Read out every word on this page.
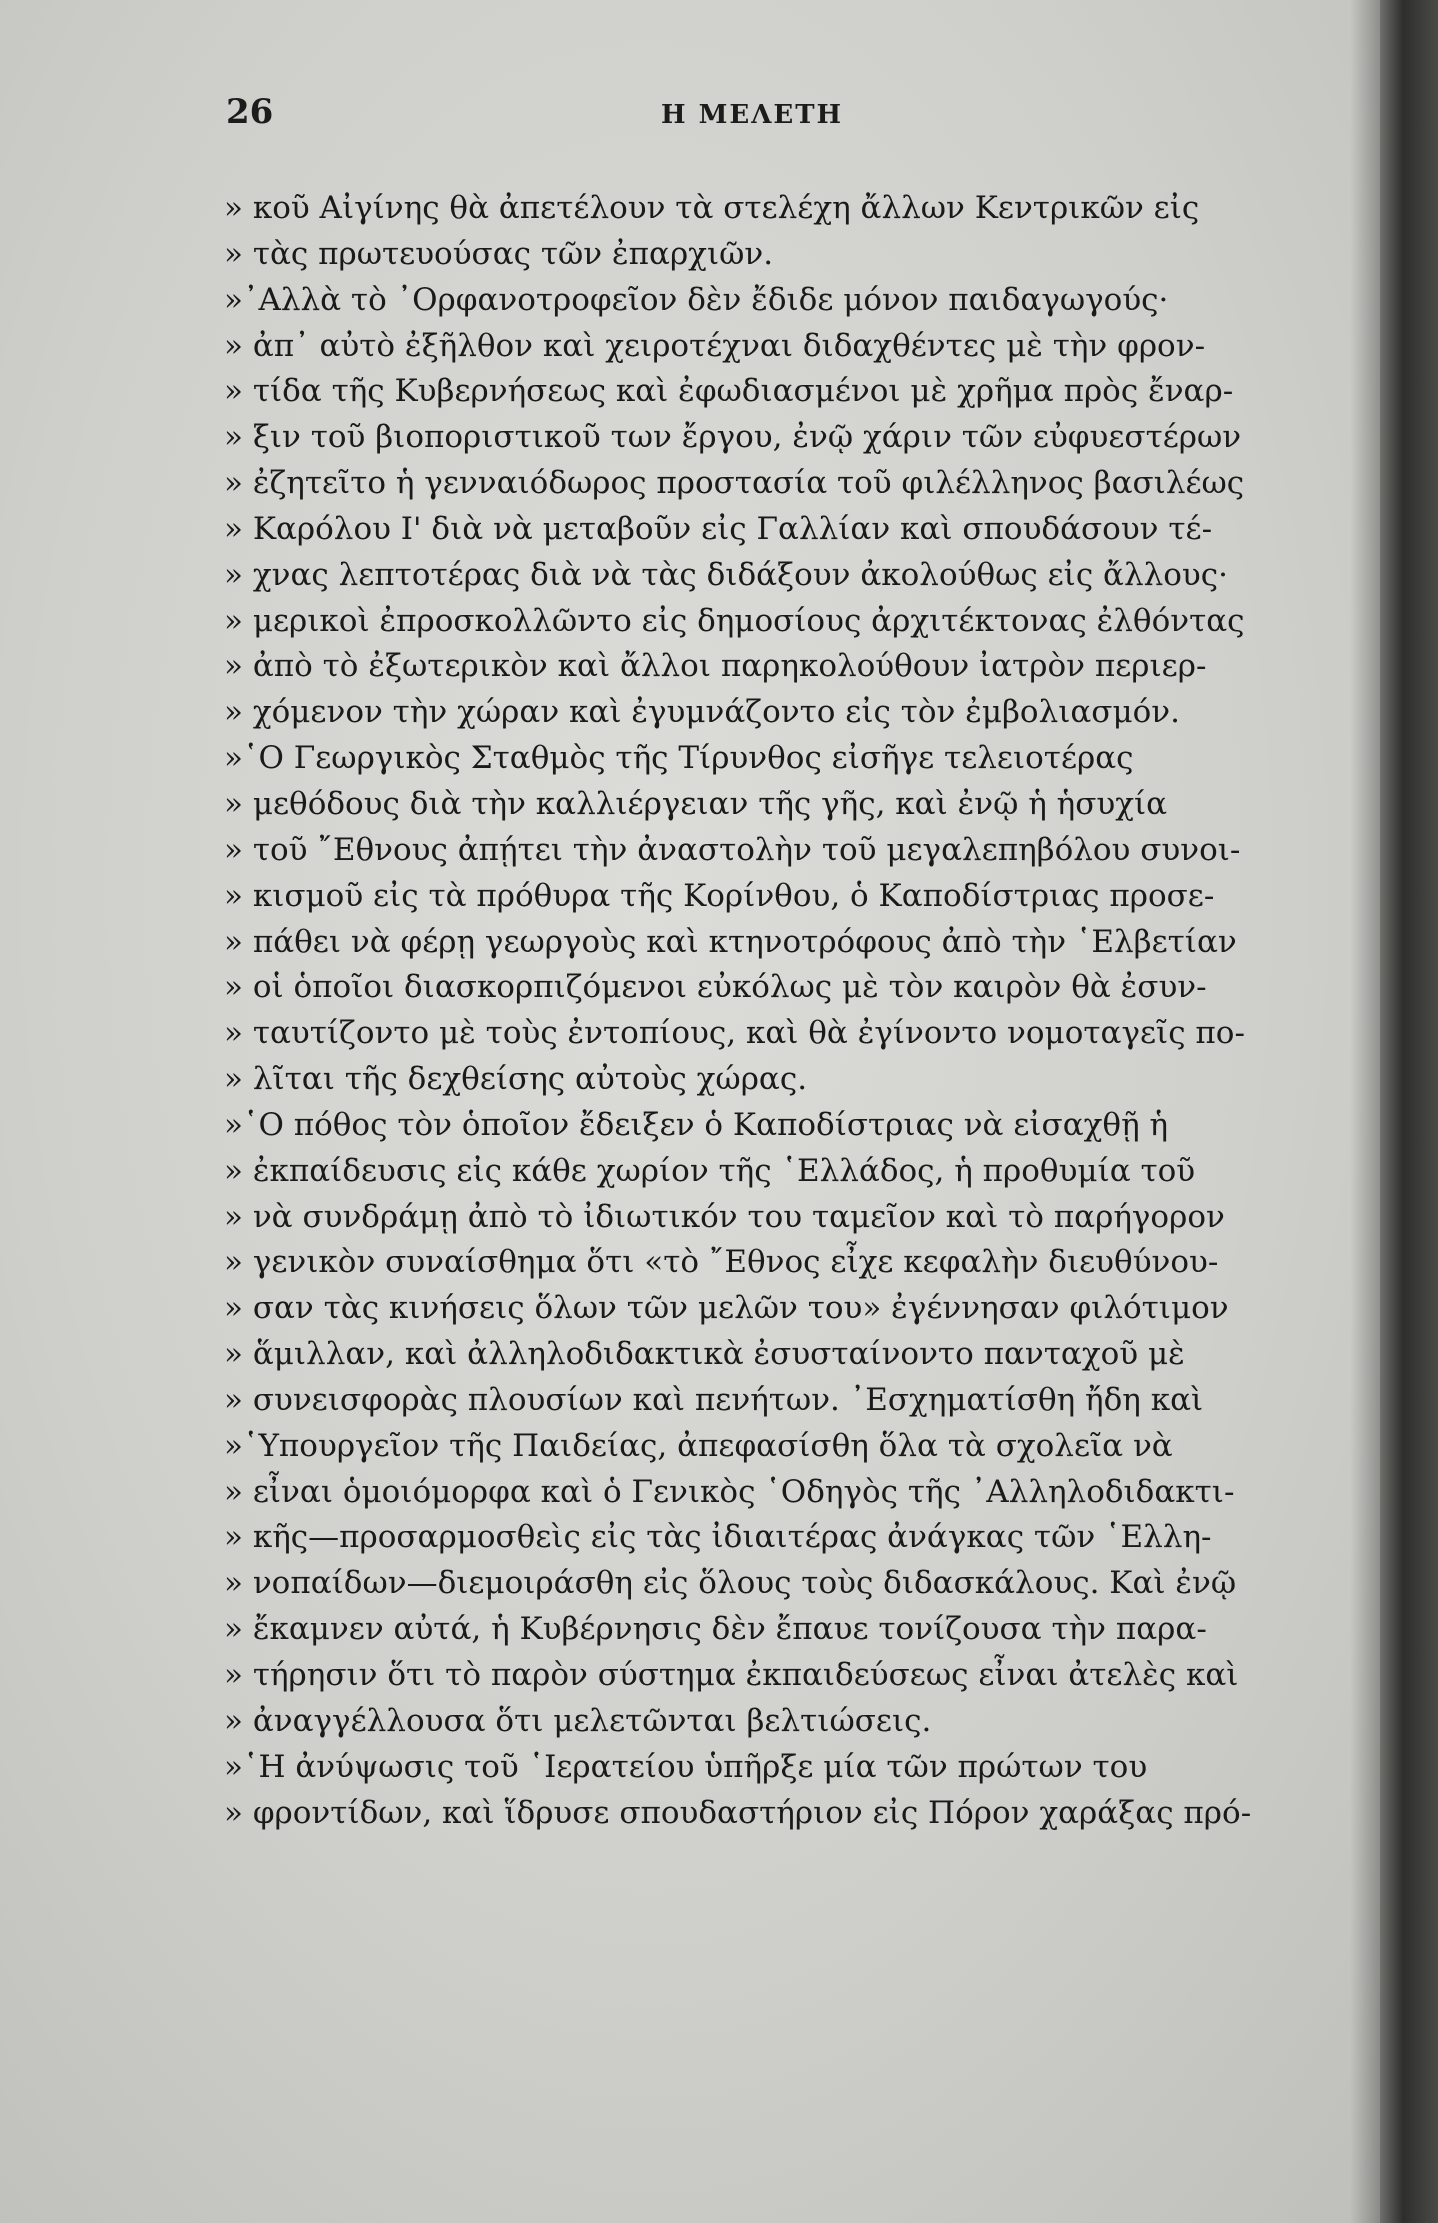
26	Η ΜΕΛΕΤΗ
» κοῦ Αἰγίνης θὰ ἀπετέλουν τὰ στελέχη ἄλλων Κεντρικῶν εἰς
» τὰς πρωτευούσας τῶν ἐπαρχιῶν.
»᾿Αλλὰ τὸ ᾿Ορφανοτροφεῖον δὲν ἔδιδε μόνον παιδαγωγούς·
» ἀπ᾿ αὐτὸ ἐξῆλθον καὶ χειροτέχναι διδαχθέντες μὲ τὴν φρον-
» τίδα τῆς Κυβερνήσεως καὶ ἐφωδιασμένοι μὲ χρῆμα πρὸς ἔναρ-
» ξιν τοῦ βιοποριστικοῦ των ἔργου, ἐνῷ χάριν τῶν εὐφυεστέρων
» ἐζητεῖτο ἡ γενναιόδωρος προστασία τοῦ φιλέλληνος βασιλέως
» Καρόλου Ι' διὰ νὰ μεταβοῦν εἰς Γαλλίαν καὶ σπουδάσουν τέ-
» χνας λεπτοτέρας διὰ νὰ τὰς διδάξουν ἀκολούθως εἰς ἄλλους·
» μερικοὶ ἐπροσκολλῶντο εἰς δημοσίους ἀρχιτέκτονας ἐλθόντας
» ἀπὸ τὸ ἐξωτερικὸν καὶ ἄλλοι παρηκολούθουν ἰατρὸν περιερ-
» χόμενον τὴν χώραν καὶ ἐγυμνάζοντο εἰς τὸν ἐμβολιασμόν.
»῾Ο Γεωργικὸς Σταθμὸς τῆς Τίρυνθος εἰσῆγε τελειοτέρας
» μεθόδους διὰ τὴν καλλιέργειαν τῆς γῆς, καὶ ἐνῷ ἡ ἡσυχία
» τοῦ ῎Εθνους ἀπῄτει τὴν ἀναστολὴν τοῦ μεγαλεπηβόλου συνοι-
» κισμοῦ εἰς τὰ πρόθυρα τῆς Κορίνθου, ὁ Καποδίστριας προσε-
» πάθει νὰ φέρῃ γεωργοὺς καὶ κτηνοτρόφους ἀπὸ τὴν ῾Ελβετίαν
» οἱ ὁποῖοι διασκορπιζόμενοι εὐκόλως μὲ τὸν καιρὸν θὰ ἐσυν-
» ταυτίζοντο μὲ τοὺς ἐντοπίους, καὶ θὰ ἐγίνοντο νομοταγεῖς πο-
» λῖται τῆς δεχθείσης αὐτοὺς χώρας.
»῾Ο πόθος τὸν ὁποῖον ἔδειξεν ὁ Καποδίστριας νὰ εἰσαχθῇ ἡ
» ἐκπαίδευσις εἰς κάθε χωρίον τῆς ῾Ελλάδος, ἡ προθυμία τοῦ
» νὰ συνδράμῃ ἀπὸ τὸ ἰδιωτικόν του ταμεῖον καὶ τὸ παρήγορον
» γενικὸν συναίσθημα ὅτι «τὸ ῎Εθνος εἶχε κεφαλὴν διευθύνου-
» σαν τὰς κινήσεις ὅλων τῶν μελῶν του» ἐγέννησαν φιλότιμον
» ἅμιλλαν, καὶ ἀλληλοδιδακτικὰ ἐσυσταίνοντο πανταχοῦ μὲ
» συνεισφορὰς πλουσίων καὶ πενήτων. ᾿Εσχηματίσθη ἤδη καὶ
»῾Υπουργεῖον τῆς Παιδείας, ἀπεφασίσθη ὅλα τὰ σχολεῖα νὰ
» εἶναι ὁμοιόμορφα καὶ ὁ Γενικὸς ῾Οδηγὸς τῆς ᾿Αλληλοδιδακτι-
» κῆς—προσαρμοσθεὶς εἰς τὰς ἰδιαιτέρας ἀνάγκας τῶν ῾Ελλη-
» νοπαίδων—διεμοιράσθη εἰς ὅλους τοὺς διδασκάλους. Καὶ ἐνῷ
» ἔκαμνεν αὐτά, ἡ Κυβέρνησις δὲν ἔπαυε τονίζουσα τὴν παρα-
» τήρησιν ὅτι τὸ παρὸν σύστημα ἐκπαιδεύσεως εἶναι ἀτελὲς καὶ
» ἀναγγέλλουσα ὅτι μελετῶνται βελτιώσεις.
»῾Η ἀνύψωσις τοῦ ῾Ιερατείου ὑπῆρξε μία τῶν πρώτων του
» φροντίδων, καὶ ἵδρυσε σπουδαστήριον εἰς Πόρον χαράξας πρό-
